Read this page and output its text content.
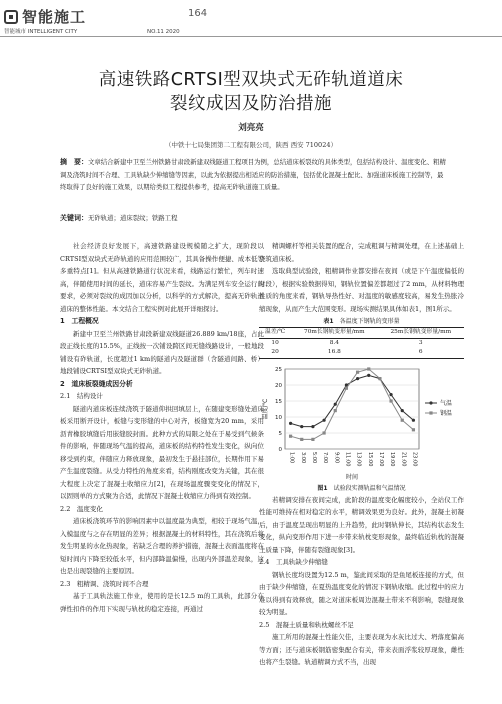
智能施工	164
智能城市 INTELLIGENT CITY	NO.11 2020
高速铁路CRTSⅠ型双块式无砟轨道道床
裂纹成因及防治措施
刘亮亮
（中铁十七局集团第二工程有限公司，陕西 西安 710024）
摘　要：文章结合新建中卫至兰州铁路甘肃段新建双线隧道工程项目为例，总结道床板裂纹的具体类型，包括结构设计、温度变化、粗精调及浇筑时间不合理、工具轨缺少伸缩缝等因素，以此为依据提出相适应的防治措施，包括优化混凝土配比、加强道床板施工控制等，最终取得了良好的施工效果，以期给类似工程提供参考，提高无砟轨道施工质量。
关键词：无砟轨道；道床裂纹；铁路工程

社会经济良好发展下，高速铁路建设规模随之扩大，现阶段以CRTSⅠ型双块式无砟轨道的应用范围较广，其具备操作便捷、成本低等多重特点[1]。但从高速铁路道行状况来看，线路运行繁忙，列车时速高，伴随使用时间的延长，道床容易产生裂纹。为满足列车安全运行的要求，必须对裂纹的成因加以分析，以科学的方式解决，提高无砟轨道道床的整体性能。本文结合工程实例对此展开详细探讨。

1　工程概况

新建中卫至兰州铁路甘肃段新建双线隧道26.889 km/18座，占此段正线长度的15.5%，正线按一次铺设跨区间无缝线路设计，一般地段铺设有砟轨道，长度超过1 km的隧道内及隧道群（含隧道间路、桥）地段铺设CRTSⅠ型双块式无砟轨道。

2　道床板裂缝成因分析
2.1　结构设计

隧道内道床板连续浇筑于隧道仰拱回填层上，在随建变形缝处道床板采用断开设计，板缝与变形缝的中心对齐，板缝宽为20 mm，采用沥青橡胶填缝后用嵌缝胶封面。此种方式的局限之处在于易受到气候条件的影响，伴随现场气温的提高，道床板的结构特性发生变化，纵向位移受到约束，伴随应力释放现象，最初发生于悬挂部位，长期作用下易产生温度裂缝。从受力特性的角度来看，结构刚度改变为关键，其在很大程度上决定了混凝土收缩应力[2]，在现场温度骤变变化的情况下，以固则单的方式聚为合适，此情况下混凝土收缩应力得到有效控制。

2.2　温度变化

道床板浇筑环节的影响因素中以温度最为典型，相较于现场气温，入模温度与之存在明显的差异；根据混凝土的材料特性，其在浇筑后将发生明显的水化热现象，若缺乏合理的养护措施，混凝土表面温度将在短时间内下降至较低水平，但内部降温偏慢，出现内外部温差现象，这也是出现裂缝的主要原因。

2.3　粗精调、浇筑时间不合理

基于工具轨法施工作业，使用的是长12.5 m的工具轨，此部分在弹性扣件的作用下实现与轨枕的稳定连接，再通过

精调螺杆等相关装置的配合，完成粗调与精调处理，在上述基础上浇筑道床板。

选取典型试验段，粗精调作业都安排在夜间（或是下午温度偏低的时段），根据实验数据得知，钢轨位置偏差都超过了2 mm，从材料物理性质的角度来看，钢轨导热性好、对温度的敏感度较高，易发生热胀冷缩现象，从而产生大范围变形。现场实测结果具体如表1，图1所示。

表1 各温度下钢轨的变形量
温差/℃	70m长钢轨变形量/mm	25m长钢轨变形量/mm
10	8.4	3
20	16.8	6
0
5
10
15
20
25
1:00 3:00 5:00 7:00 9:00 11:00 13:00 15:00 17:00 19:00 21:00 23:00
时间
温度/℃	气温
钢温
图1 试验段实测轨温和气温情况

若精调安排在夜间完成，此阶段的温度变化幅度较小，全站仪工作性能可维持在相对稳定的水平，精调效果更为良好。此外，混凝土初凝后，由于温度呈现出明显的上升趋势，此时钢轨伸长，其结构状态发生变化，纵向变形作用下进一步带来轨枕变形现象，最终临近轨枕的混凝土质量下降，伴随有裂缝现象[3]。

2.4　工具轨缺少伸缩缝

钢轨长度均设置为12.5 m，鉴此间采取的是鱼尾板连接的方式，但由于缺少伸缩缝，在夏热温度变化的情况下钢轨收缩。此过程中的应力难以得到有效释放，随之对道床板周边混凝土带来不利影响，裂缝现象较为明显。

2.5　混凝土质量和轨枕螺丝不足

施工所用的混凝土性能欠佳，主要表现为水灰比过大、坍落度偏高等方面；还与道床板钢筋密集配合有关，带来表面浮浆较厚现象，雌性也将产生裂缝。轨道精调方式不当，出现
